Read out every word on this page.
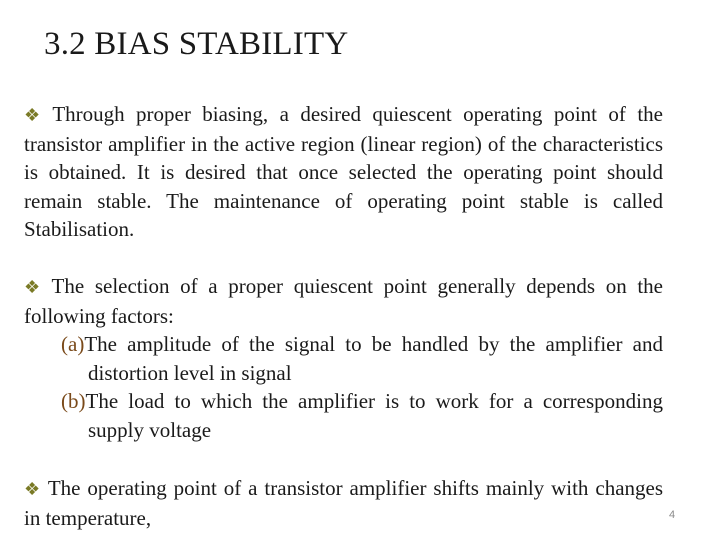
3.2 BIAS STABILITY
❖ Through proper biasing, a desired quiescent operating point of the transistor amplifier in the active region (linear region) of the characteristics is obtained. It is desired that once selected the operating point should remain stable. The maintenance of operating point stable is called Stabilisation.
❖ The selection of a proper quiescent point generally depends on the following factors:
(a)The amplitude of the signal to be handled by the amplifier and distortion level in signal
(b)The load to which the amplifier is to work for a corresponding supply voltage
❖ The operating point of a transistor amplifier shifts mainly with changes in temperature,	4
